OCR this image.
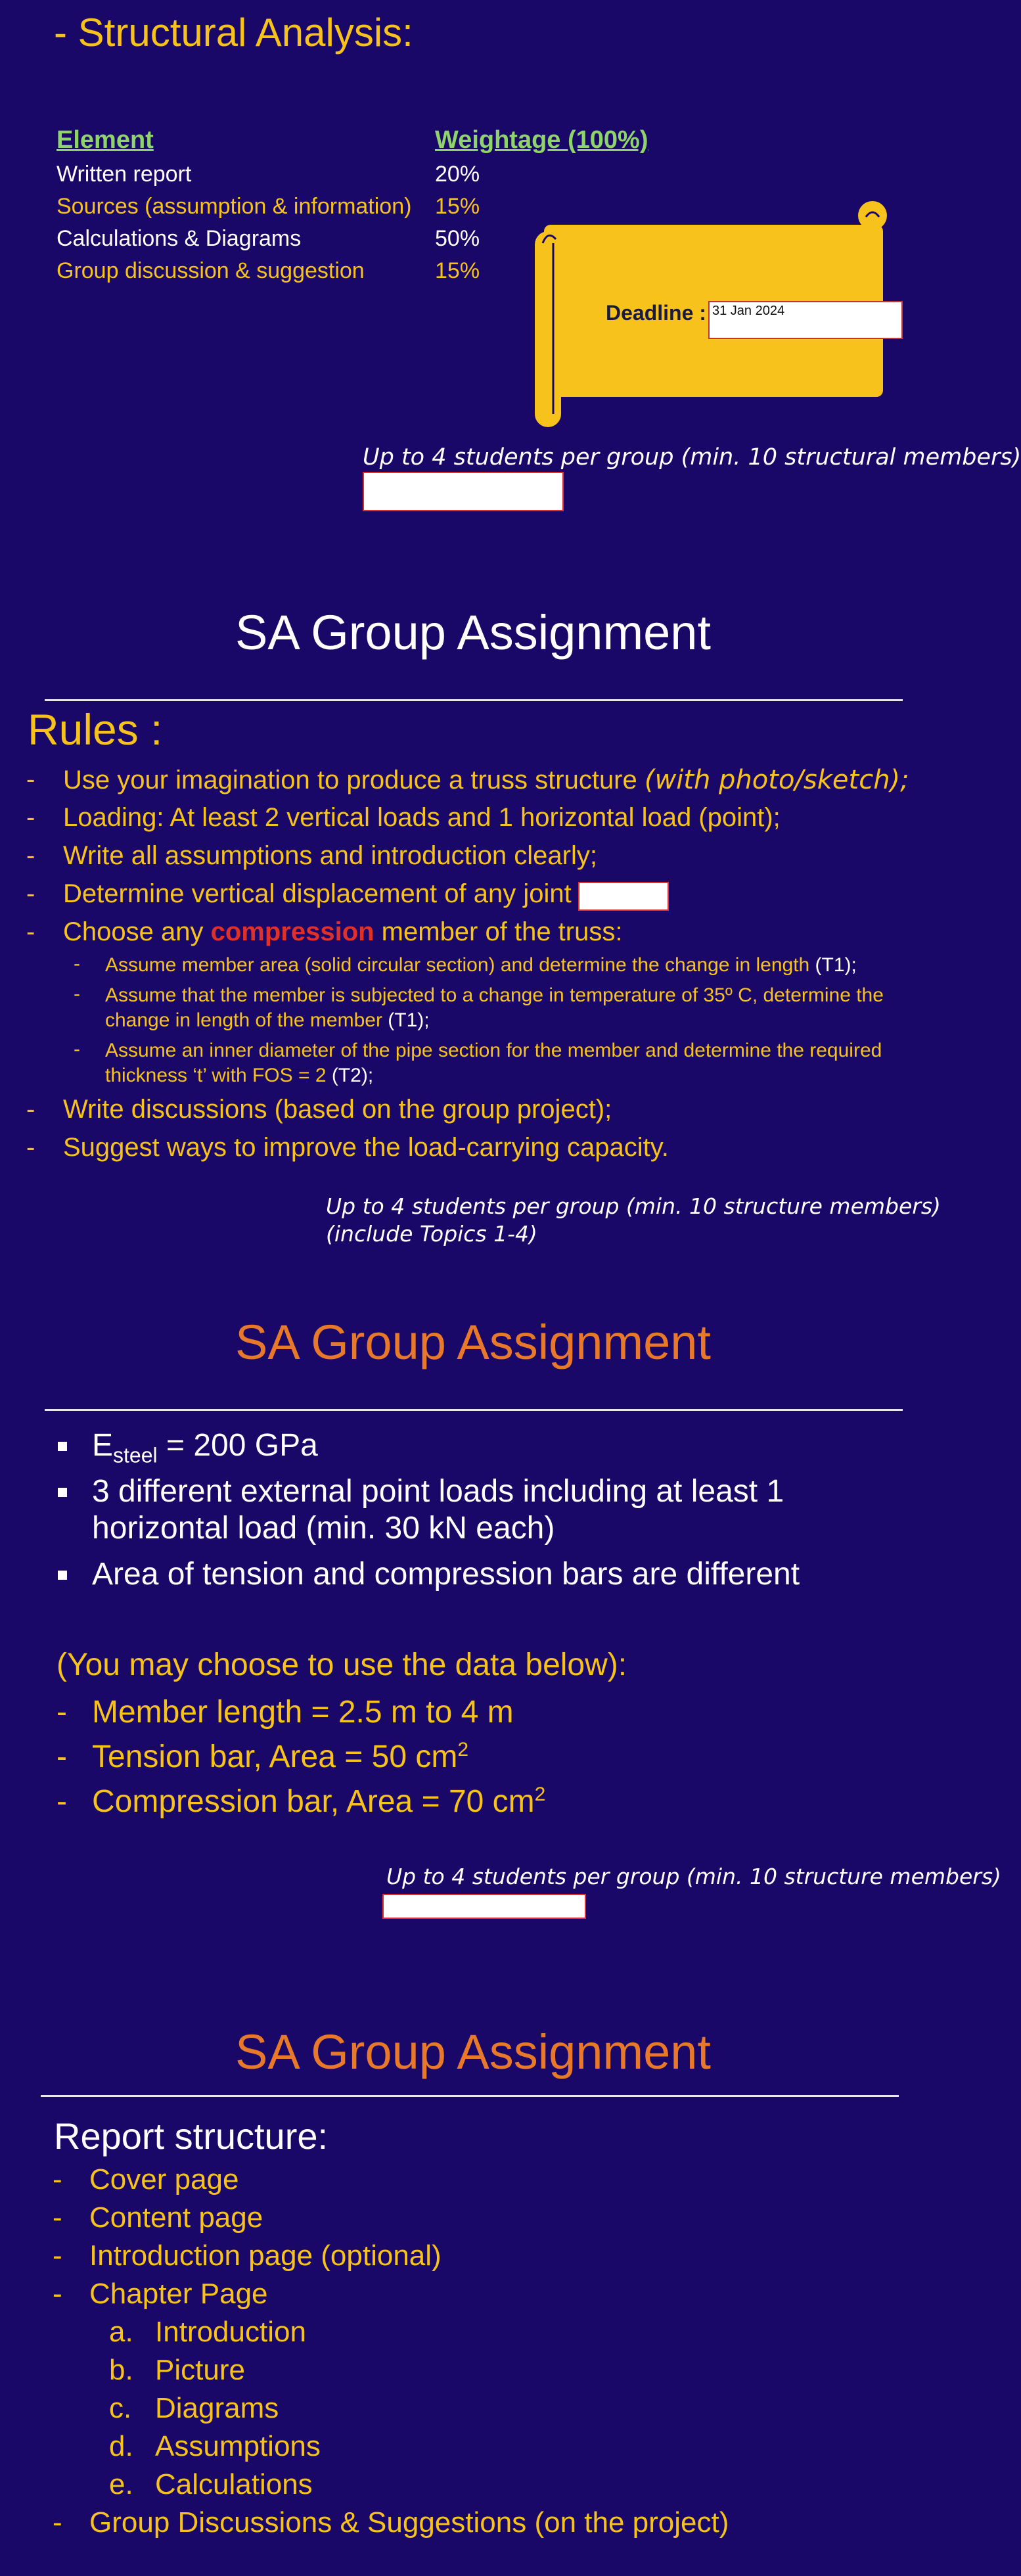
- Structural Analysis:
Element	Weightage (100%)
Written report	20%
Sources (assumption & information) 15%
Calculations & Diagrams	50%
Group discussion & suggestion	15%
Deadline : 31 Jan 2024
Up to 4 students per group (min. 10 structural members)
SA Group Assignment
Rules :
- Use your imagination to produce a truss structure (with photo/sketch);
- Loading: At least 2 vertical loads and 1 horizontal load (point);
- Write all assumptions and introduction clearly;
- Determine vertical displacement of any joint
- Choose any compression member of the truss:
- Assume member area (solid circular section) and determine the change in length (T1);
- Assume that the member is subjected to a change in temperature of 35º C, determine the change in length of the member (T1);
- Assume an inner diameter of the pipe section for the member and determine the required thickness ‘t’ with FOS = 2 (T2);
- Write discussions (based on the group project);
- Suggest ways to improve the load-carrying capacity.
Up to 4 students per group (min. 10 structure members)
(include Topics 1-4)
SA Group Assignment
$E_{steel} = 200$ GPa
3 different external point loads including at least 1 horizontal load (min. 30 kN each)
Area of tension and compression bars are different
(You may choose to use the data below):
- Member length = 2.5 m to 4 m
- Tension bar, Area = 50 $cm^2$
- Compression bar, Area = 70 $cm^2$
Up to 4 students per group (min. 10 structure members)
SA Group Assignment
Report structure:
- Cover page
- Content page
- Introduction page (optional)
- Chapter Page
a. Introduction
b. Picture
c. Diagrams
d. Assumptions
e. Calculations
- Group Discussions & Suggestions (on the project)
